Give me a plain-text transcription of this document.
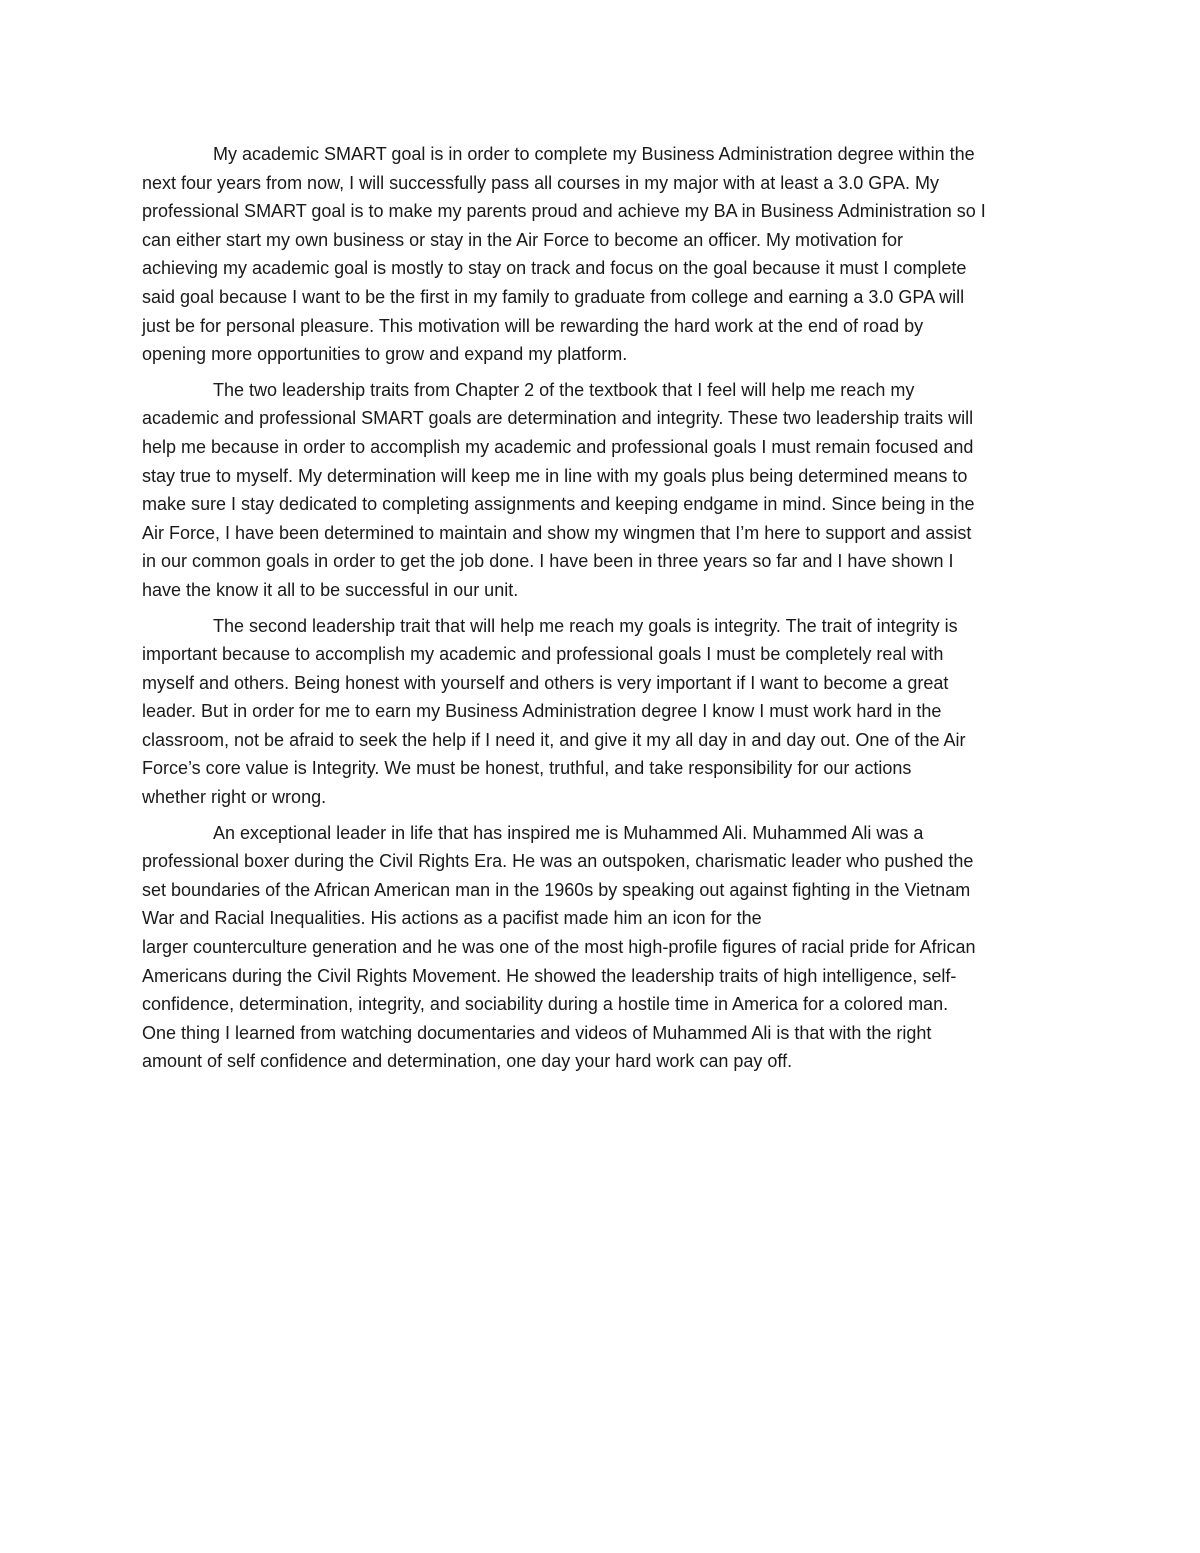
My academic SMART goal is in order to complete my Business Administration degree within the
next four years from now, I will successfully pass all courses in my major with at least a 3.0 GPA. My
professional SMART goal is to make my parents proud and achieve my BA in Business Administration so I
can either start my own business or stay in the Air Force to become an officer. My motivation for
achieving my academic goal is mostly to stay on track and focus on the goal because it must I complete
said goal because I want to be the first in my family to graduate from college and earning a 3.0 GPA will
just be for personal pleasure. This motivation will be rewarding the hard work at the end of road by
opening more opportunities to grow and expand my platform.

The two leadership traits from Chapter 2 of the textbook that I feel will help me reach my
academic and professional SMART goals are determination and integrity. These two leadership traits will
help me because in order to accomplish my academic and professional goals I must remain focused and
stay true to myself. My determination will keep me in line with my goals plus being determined means to
make sure I stay dedicated to completing assignments and keeping endgame in mind. Since being in the
Air Force, I have been determined to maintain and show my wingmen that I’m here to support and assist
in our common goals in order to get the job done. I have been in three years so far and I have shown I
have the know it all to be successful in our unit.

The second leadership trait that will help me reach my goals is integrity. The trait of integrity is
important because to accomplish my academic and professional goals I must be completely real with
myself and others. Being honest with yourself and others is very important if I want to become a great
leader. But in order for me to earn my Business Administration degree I know I must work hard in the
classroom, not be afraid to seek the help if I need it, and give it my all day in and day out. One of the Air
Force’s core value is Integrity. We must be honest, truthful, and take responsibility for our actions
whether right or wrong.

An exceptional leader in life that has inspired me is Muhammed Ali. Muhammed Ali was a
professional boxer during the Civil Rights Era. He was an outspoken, charismatic leader who pushed the
set boundaries of the African American man in the 1960s by speaking out against fighting in the Vietnam
War and Racial Inequalities. His actions as a pacifist made him an icon for the
larger counterculture generation and he was one of the most high-profile figures of racial pride for African
Americans during the Civil Rights Movement. He showed the leadership traits of high intelligence, self-
confidence, determination, integrity, and sociability during a hostile time in America for a colored man.
One thing I learned from watching documentaries and videos of Muhammed Ali is that with the right
amount of self confidence and determination, one day your hard work can pay off.
